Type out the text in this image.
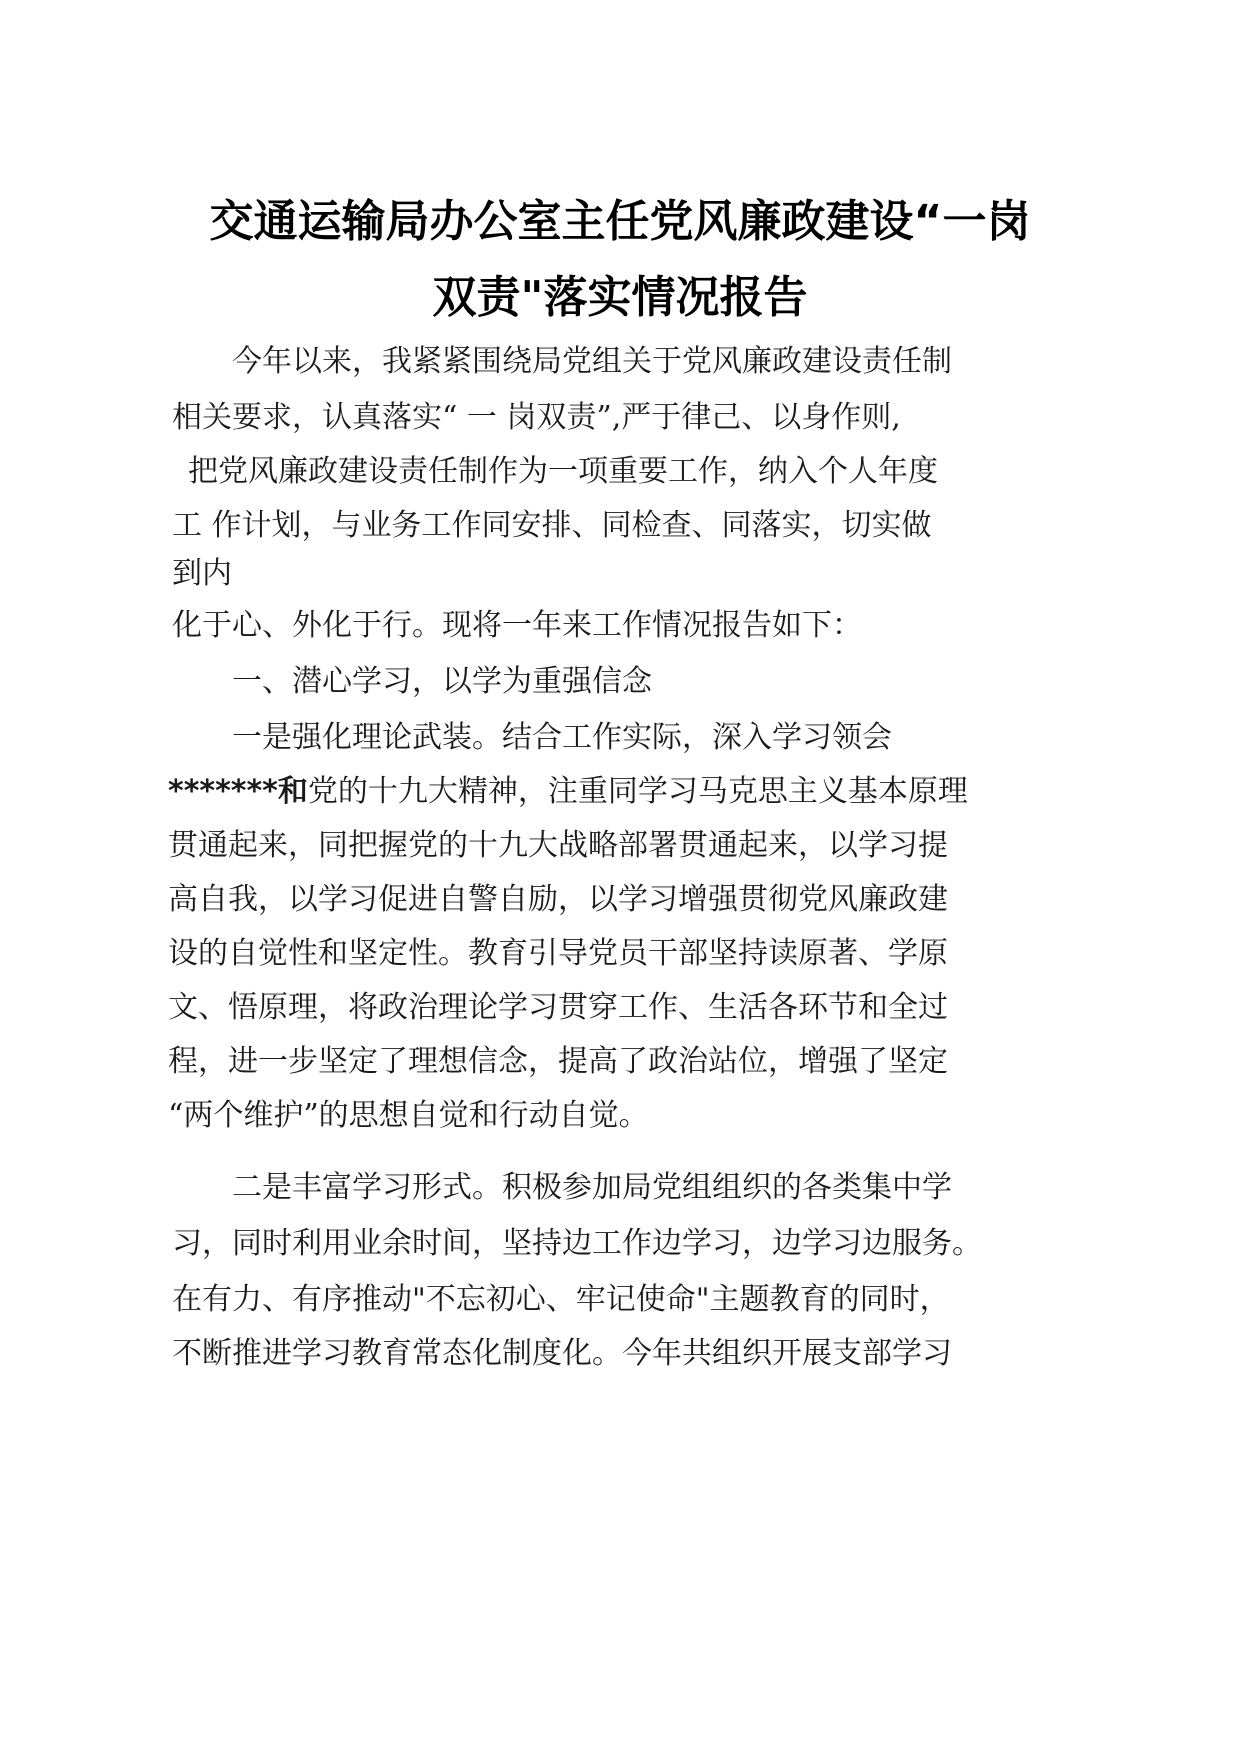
交通运输局办公室主任党风廉政建设“一岗
双责"落实情况报告
今年以来，我紧紧围绕局党组关于党风廉政建设责任制
相关要求，认真落实“ 一 岗双责”,严于律己、以身作则,
把党风廉政建设责任制作为一项重要工作，纳入个人年度
工 作计划，与业务工作同安排、同检查、同落实，切实做
到内
化于心、外化于行。现将一年来工作情况报告如下：
一、潜心学习，以学为重强信念
一是强化理论武装。结合工作实际，深入学习领会
*******和党的十九大精神，注重同学习马克思主义基本原理
贯通起来，同把握党的十九大战略部署贯通起来，以学习提
高自我，以学习促进自警自励，以学习增强贯彻党风廉政建
设的自觉性和坚定性。教育引导党员干部坚持读原著、学原
文、悟原理，将政治理论学习贯穿工作、生活各环节和全过
程，进一步坚定了理想信念，提高了政治站位，增强了坚定
“两个维护”的思想自觉和行动自觉。
二是丰富学习形式。积极参加局党组组织的各类集中学
习，同时利用业余时间，坚持边工作边学习，边学习边服务。
在有力、有序推动"不忘初心、牢记使命"主题教育的同时，
不断推进学习教育常态化制度化。今年共组织开展支部学习
